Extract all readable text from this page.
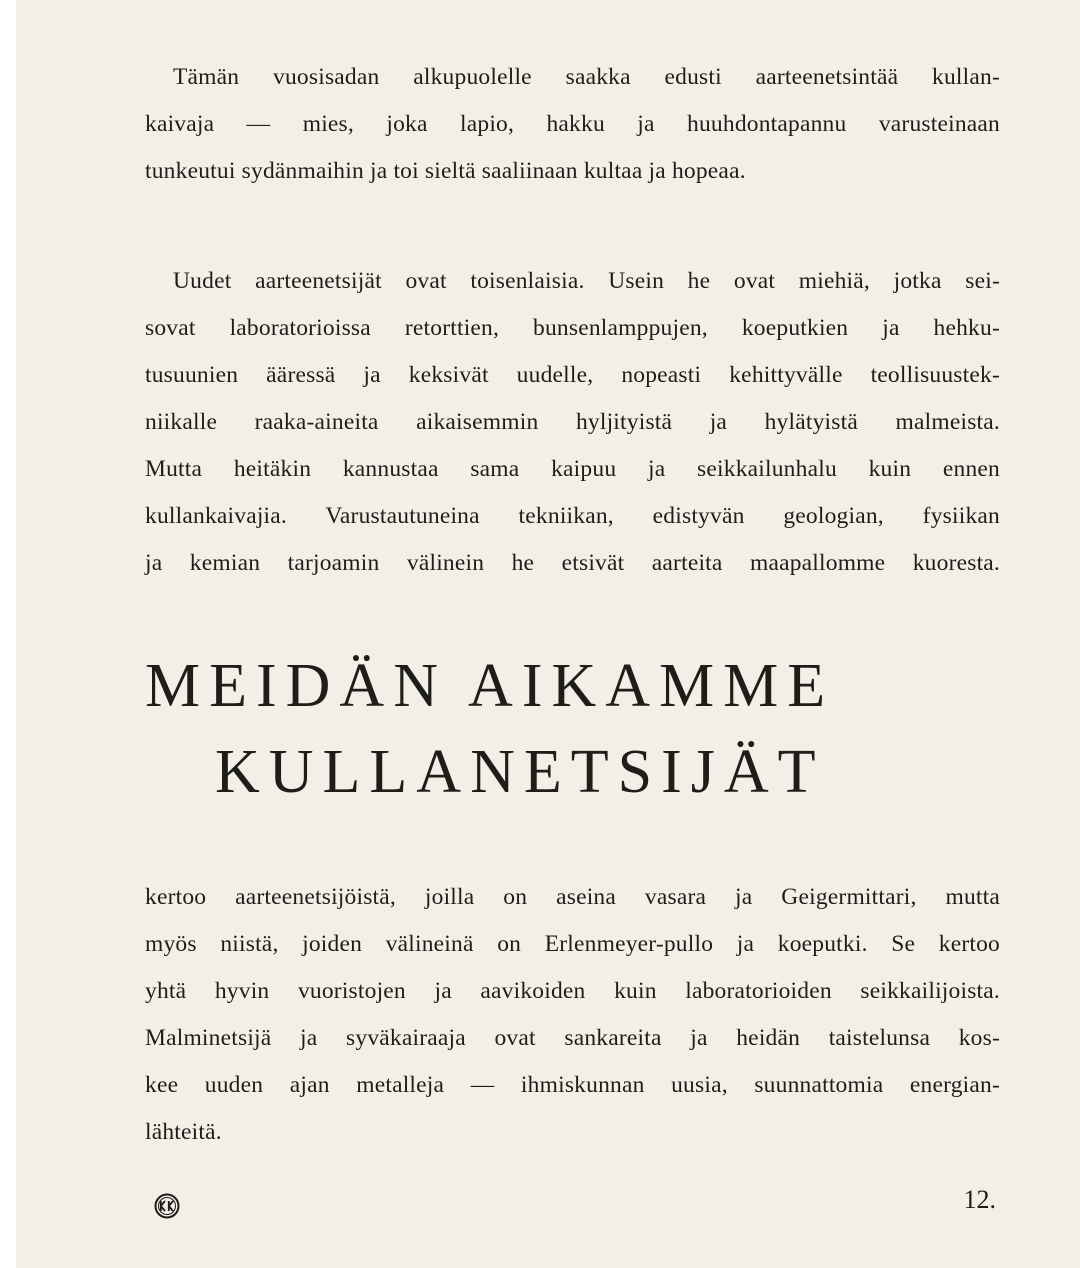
Tämän vuosisadan alkupuolelle saakka edusti aarteenetsintää kullan-
kaivaja — mies, joka lapio, hakku ja huuhdontapannu varusteinaan
tunkeutui sydänmaihin ja toi sieltä saaliinaan kultaa ja hopeaa.
Uudet aarteenetsijät ovat toisenlaisia. Usein he ovat miehiä, jotka sei-
sovat laboratorioissa retorttien, bunsenlamppujen, koeputkien ja hehku-
tusuunien ääressä ja keksivät uudelle, nopeasti kehittyvälle teollisuustek-
niikalle raaka-aineita aikaisemmin hyljityistä ja hylätyistä malmeista.
Mutta heitäkin kannustaa sama kaipuu ja seikkailunhalu kuin ennen
kullankaivajia. Varustautuneina tekniikan, edistyvän geologian, fysiikan
ja kemian tarjoamin välinein he etsivät aarteita maapallomme kuoresta.
MEIDÄN AIKAMME
KULLANETSIJÄT
kertoo aarteenetsijöistä, joilla on aseina vasara ja Geigermittari, mutta
myös niistä, joiden välineinä on Erlenmeyer-pullo ja koeputki. Se kertoo
yhtä hyvin vuoristojen ja aavikoiden kuin laboratorioiden seikkailijoista.
Malminetsijä ja syväkairaaja ovat sankareita ja heidän taistelunsa kos-
kee uuden ajan metalleja — ihmiskunnan uusia, suunnattomia energian-
lähteitä.
12.
